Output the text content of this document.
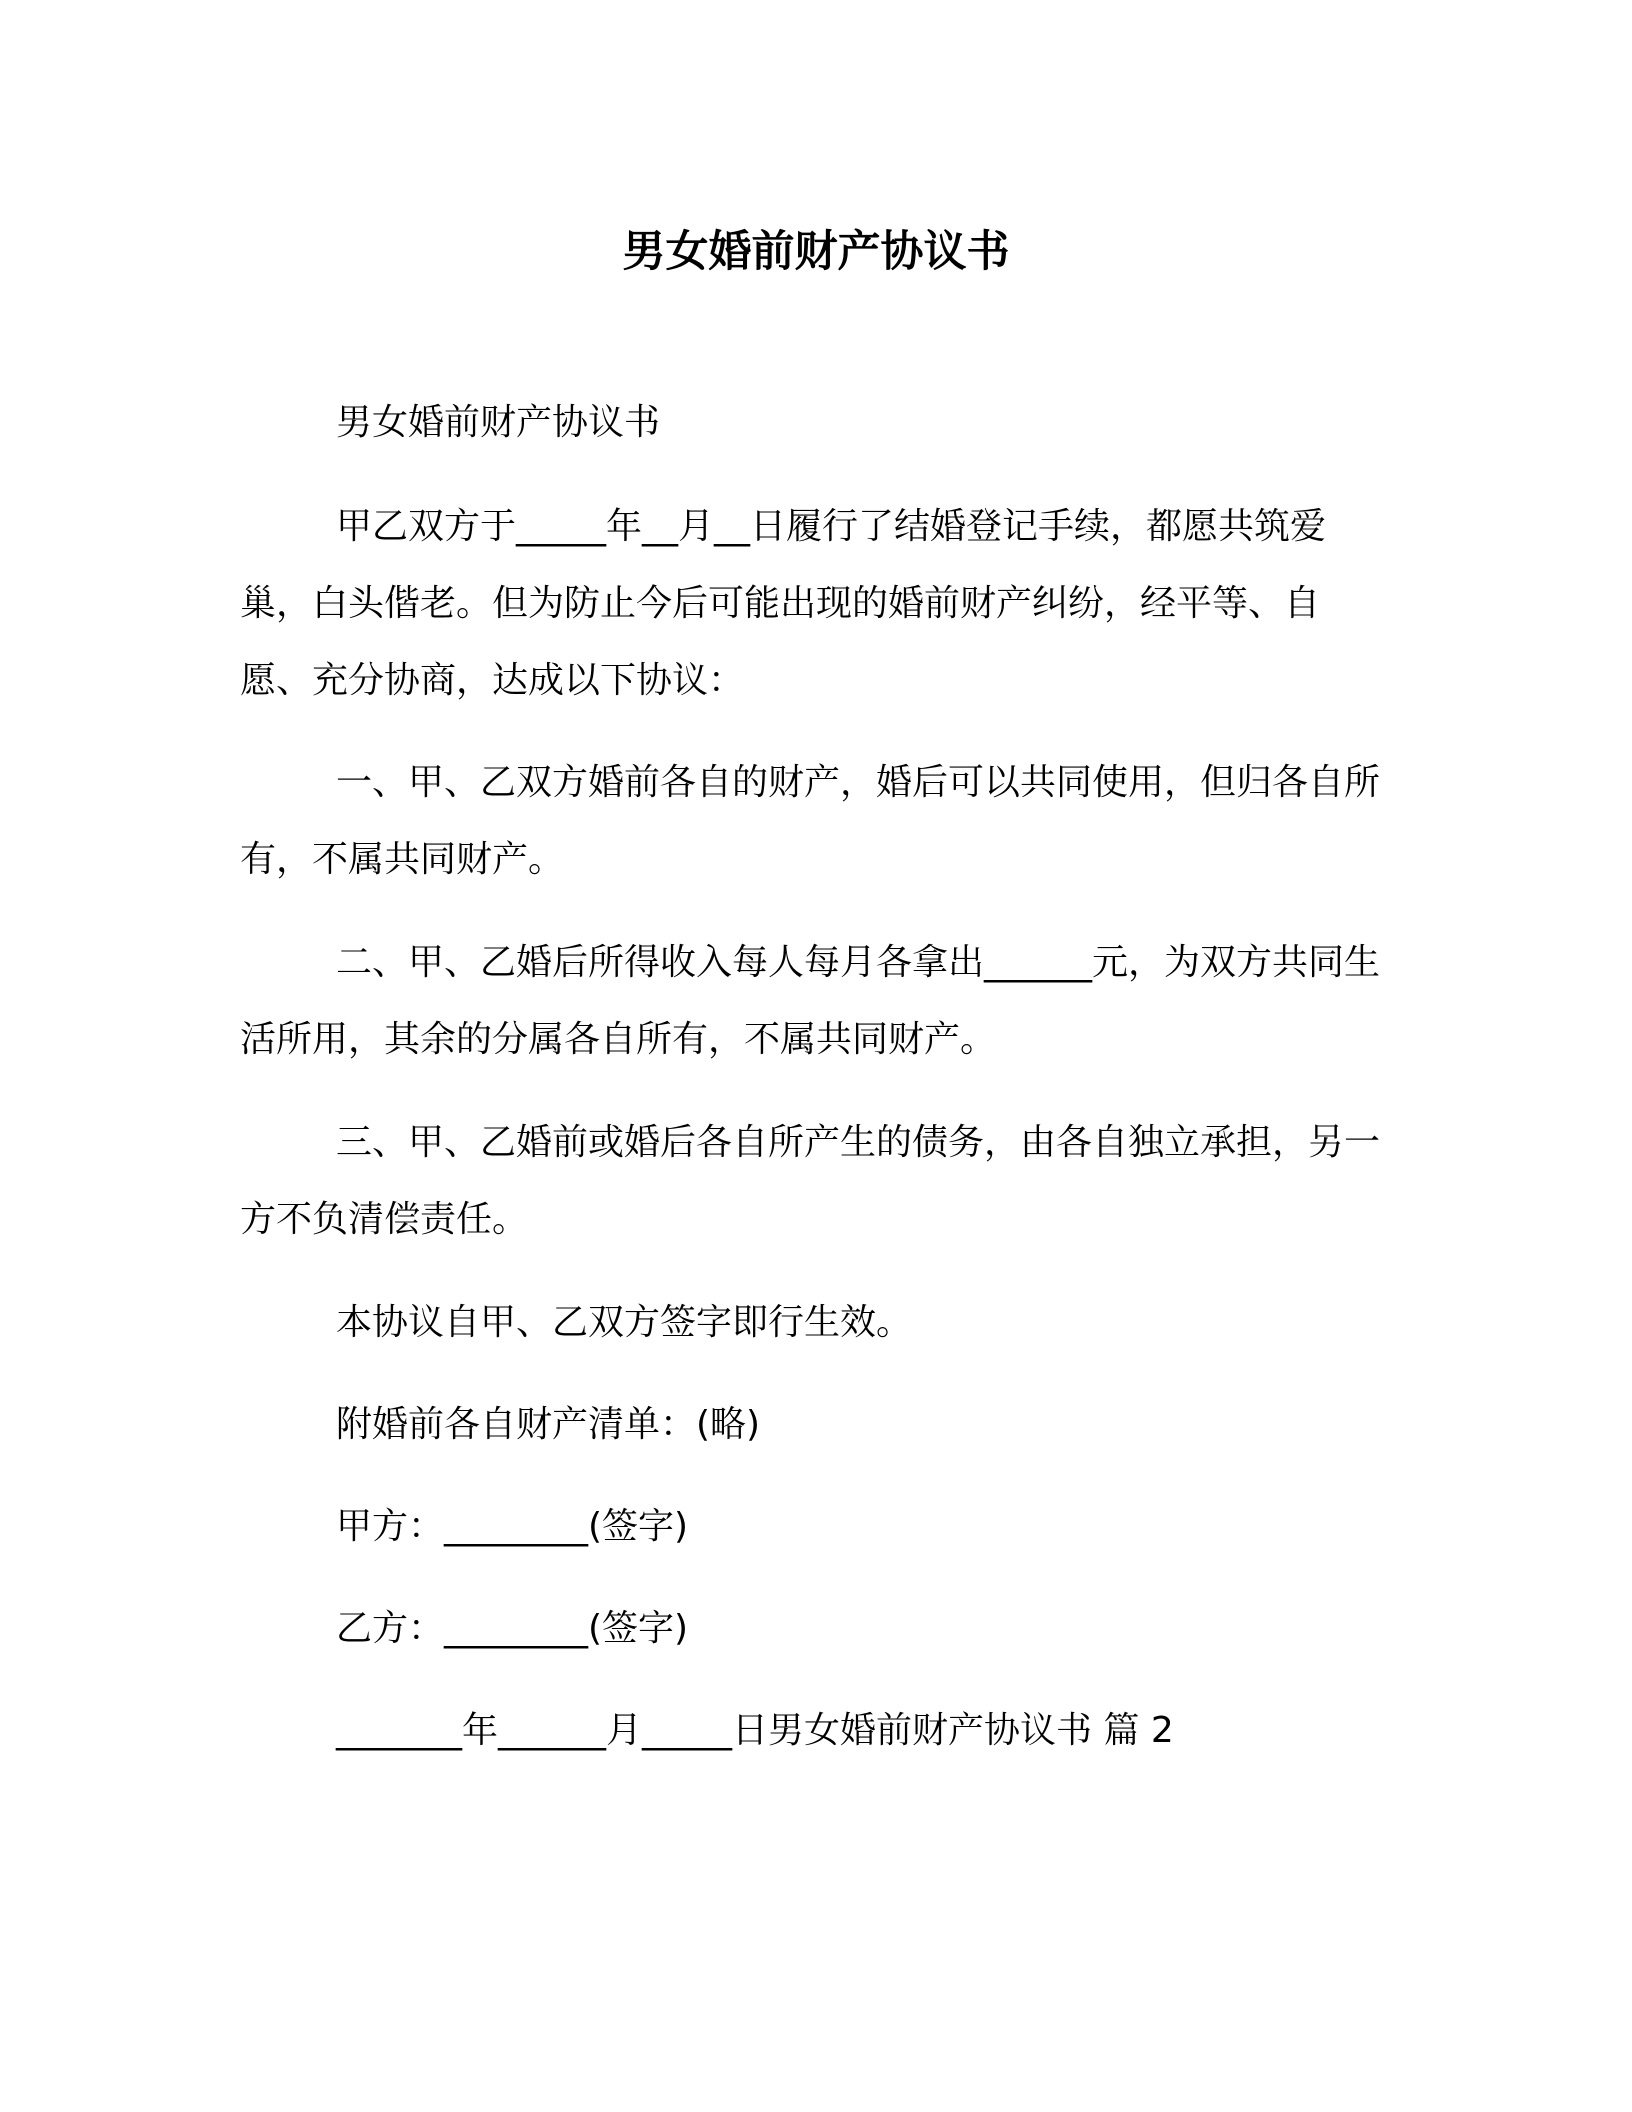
男女婚前财产协议书

男女婚前财产协议书

甲乙双方于_____年__月__日履行了结婚登记手续，都愿共筑爱巢，白头偕老。但为防止今后可能出现的婚前财产纠纷，经平等、自愿、充分协商，达成以下协议：

一、甲、乙双方婚前各自的财产，婚后可以共同使用，但归各自所有，不属共同财产。

二、甲、乙婚后所得收入每人每月各拿出______元，为双方共同生活所用，其余的分属各自所有，不属共同财产。

三、甲、乙婚前或婚后各自所产生的债务，由各自独立承担，另一方不负清偿责任。

本协议自甲、乙双方签字即行生效。

附婚前各自财产清单：(略)

甲方：________(签字)

乙方：________(签字)

_______年______月_____日男女婚前财产协议书 篇 2
